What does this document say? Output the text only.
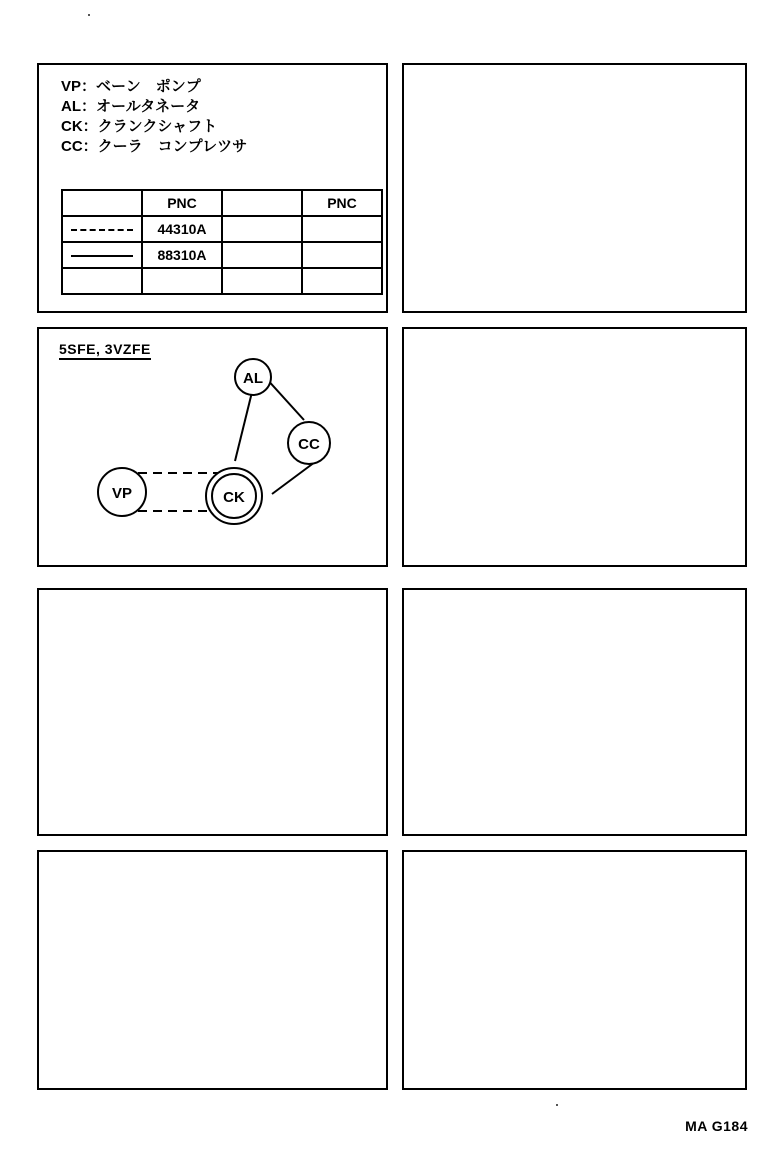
VP：ベーン　ポンプ
AL：オールタネータ
CK：クランクシャフト
CC：クーラ　コンプレツサ
	PNC		PNC

	44310A		

	88310A		

5SFE, 3VZFE
AL
CC
CK
VP
MA G184
